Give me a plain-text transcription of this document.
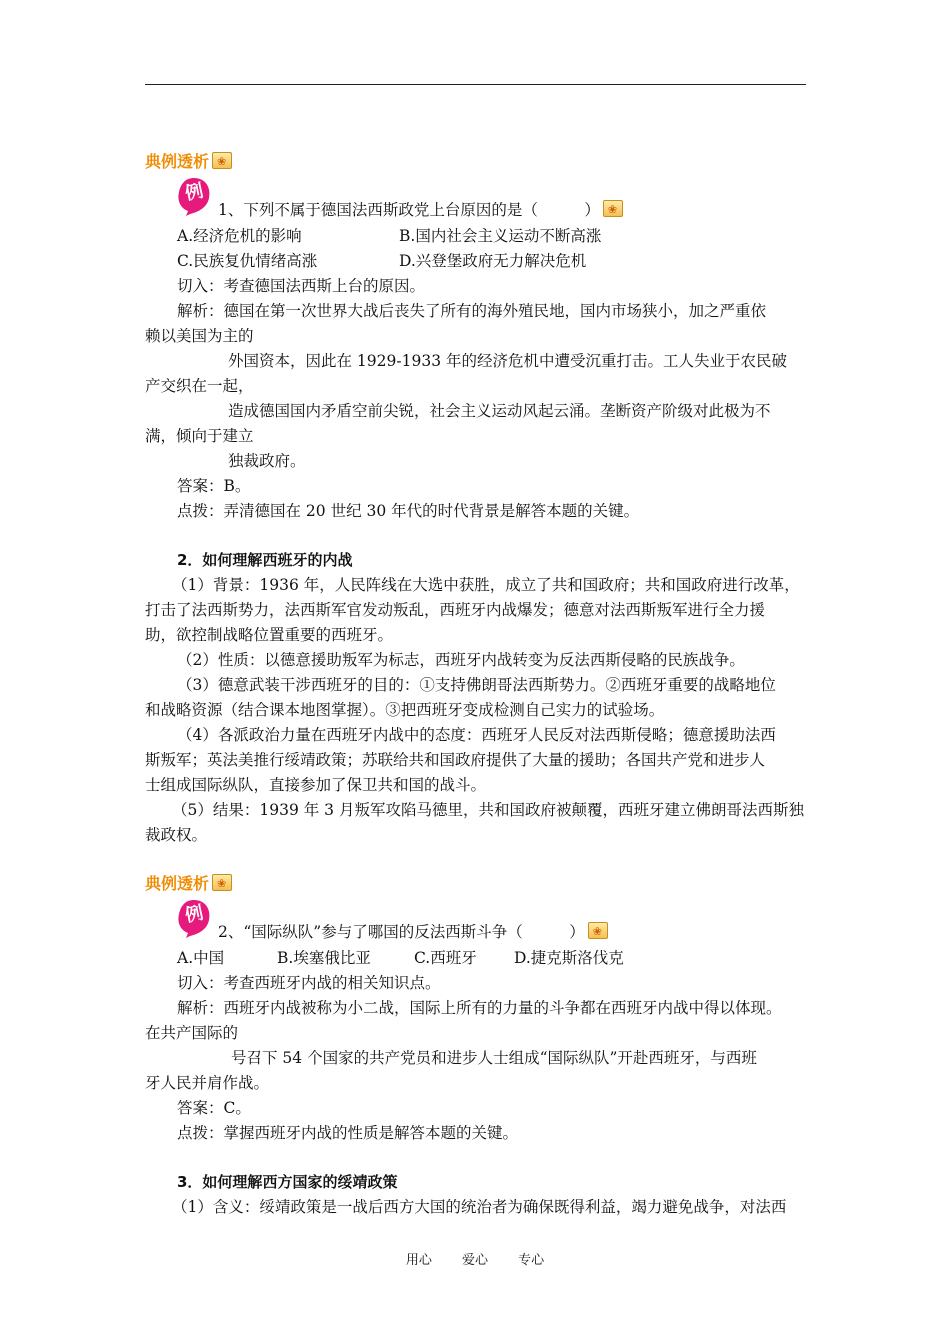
典例透析❀
例
1、下列不属于德国法西斯政党上台原因的是（　　　）❀
A.经济危机的影响	B.国内社会主义运动不断高涨
C.民族复仇情绪高涨	D.兴登堡政府无力解决危机
切入：考查德国法西斯上台的原因。
解析：德国在第一次世界大战后丧失了所有的海外殖民地，国内市场狭小，加之严重依
赖以美国为主的
外国资本，因此在 1929-1933 年的经济危机中遭受沉重打击。工人失业于农民破
产交织在一起，
造成德国国内矛盾空前尖锐，社会主义运动风起云涌。垄断资产阶级对此极为不
满，倾向于建立
独裁政府。
答案：B。
点拨：弄清德国在 20 世纪 30 年代的时代背景是解答本题的关键。
2．如何理解西班牙的内战
（1）背景：1936 年，人民阵线在大选中获胜，成立了共和国政府；共和国政府进行改革，
打击了法西斯势力，法西斯军官发动叛乱，西班牙内战爆发；德意对法西斯叛军进行全力援
助，欲控制战略位置重要的西班牙。
（2）性质：以德意援助叛军为标志，西班牙内战转变为反法西斯侵略的民族战争。
（3）德意武装干涉西班牙的目的：①支持佛朗哥法西斯势力。②西班牙重要的战略地位
和战略资源（结合课本地图掌握）。③把西班牙变成检测自己实力的试验场。
（4）各派政治力量在西班牙内战中的态度：西班牙人民反对法西斯侵略；德意援助法西
斯叛军；英法美推行绥靖政策；苏联给共和国政府提供了大量的援助；各国共产党和进步人
士组成国际纵队，直接参加了保卫共和国的战斗。
（5）结果：1939 年 3 月叛军攻陷马德里，共和国政府被颠覆，西班牙建立佛朗哥法西斯独
裁政权。
典例透析❀
例
2、“国际纵队”参与了哪国的反法西斯斗争（　　　）❀
A.中国	B.埃塞俄比亚	C.西班牙 D.捷克斯洛伐克
切入：考查西班牙内战的相关知识点。
解析：西班牙内战被称为小二战，国际上所有的力量的斗争都在西班牙内战中得以体现。
在共产国际的
号召下 54 个国家的共产党员和进步人士组成“国际纵队”开赴西班牙，与西班
牙人民并肩作战。
答案：C。
点拨：掌握西班牙内战的性质是解答本题的关键。
3．如何理解西方国家的绥靖政策
（1）含义：绥靖政策是一战后西方大国的统治者为确保既得利益，竭力避免战争，对法西
用心 爱心 专心
